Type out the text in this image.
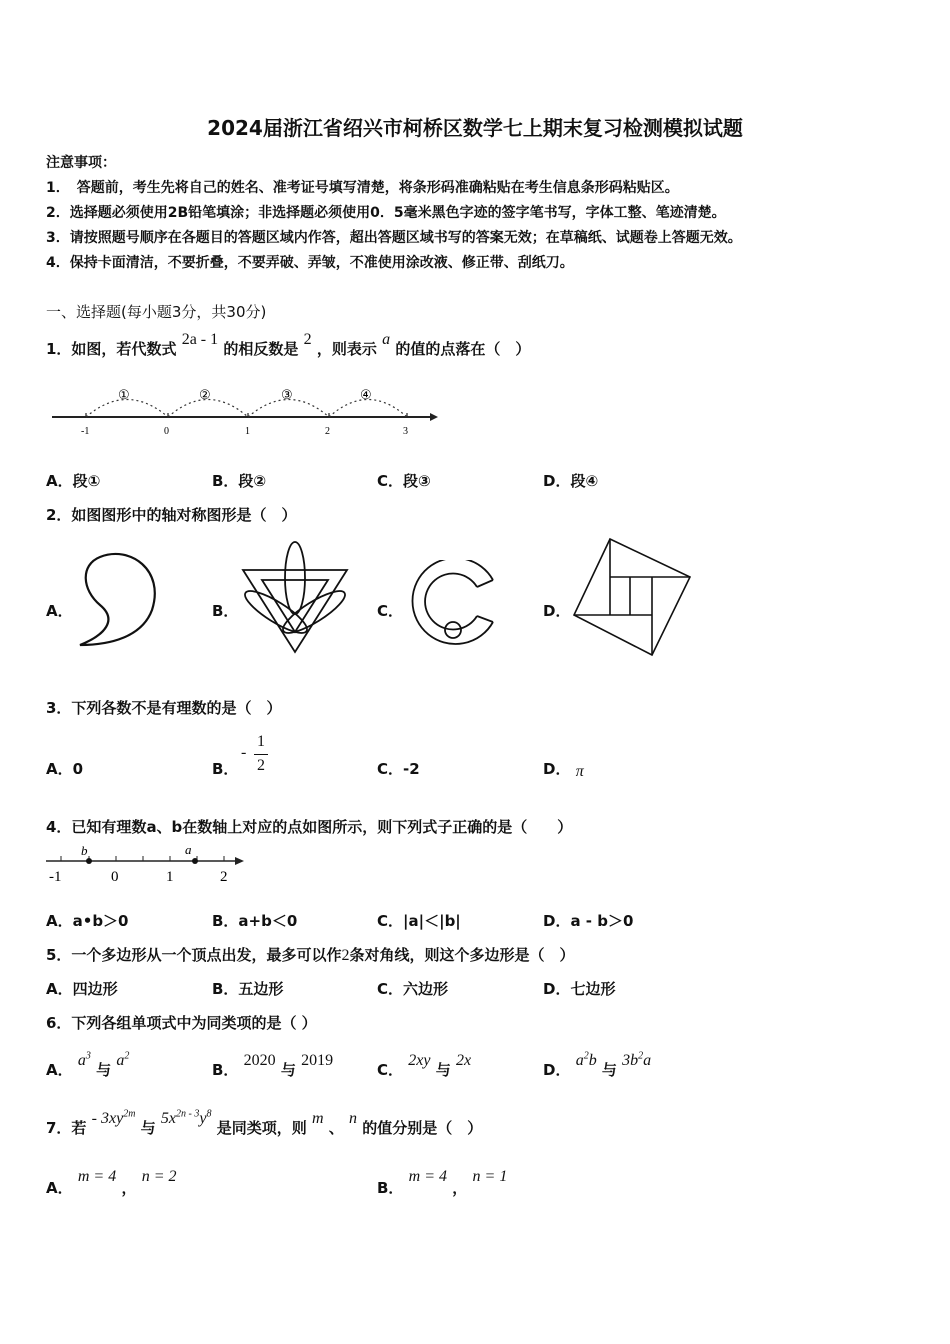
2024届浙江省绍兴市柯桥区数学七上期末复习检测模拟试题
注意事项：
1．　答题前，考生先将自己的姓名、准考证号填写清楚，将条形码准确粘贴在考生信息条形码粘贴区。
2．选择题必须使用2B铅笔填涂；非选择题必须使用0．5毫米黑色字迹的签字笔书写，字体工整、笔迹清楚。
3．请按照题号顺序在各题目的答题区域内作答，超出答题区域书写的答案无效；在草稿纸、试题卷上答题无效。
4．保持卡面清洁，不要折叠，不要弄破、弄皱，不准使用涂改液、修正带、刮纸刀。
一、选择题(每小题3分，共30分)
1．如图，若代数式 2a - 1 的相反数是 2 ，则表示 a 的值的点落在（　）
-1	0	1	2	3
①	②	③	④
A．段①	B．段②	C．段③	D．段④
2．如图图形中的轴对称图形是（　）
A．	B．	C．	D．
3．下列各数不是有理数的是（　）
A．0	B．
-
1
2	C．-2	D． π
4．已知有理数a、b在数轴上对应的点如图所示，则下列式子正确的是（　　）
b	a
-1	0	1	2
A．a•b＞0	B．a+b＜0	C．|a|＜|b|	D．a - b＞0
5．一个多边形从一个顶点出发，最多可以作2条对角线，则这个多边形是（　）
A．四边形	B．五边形	C．六边形	D．七边形
6．下列各组单项式中为同类项的是（ ）
A． $a^3$ 与 $a^2$
B． 2020 与 2019
C． 2xy 与 2x
D． $a^2b$ 与 $3b^2a$
7．若 - $3xy^{2m}$ 与 $5x^{2n - 3}y^8$ 是同类项，则 m 、 n 的值分别是（　）
A． m = 4 ， n = 2
B． m = 4 ， n = 1
